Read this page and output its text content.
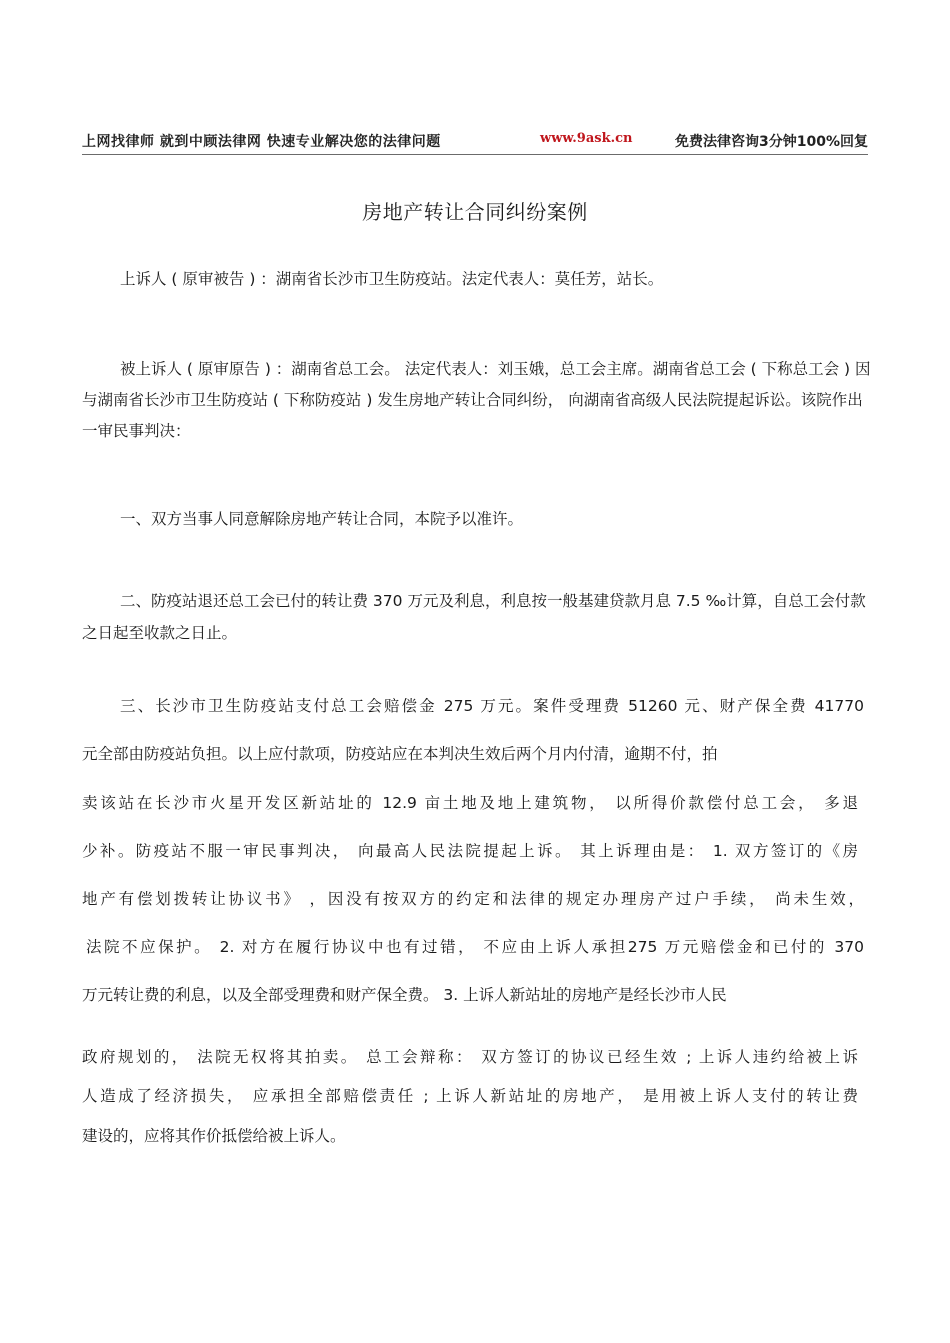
上网找律师 就到中顾法律网 快速专业解决您的法律问题	www.9ask.cn	免费法律咨询3分钟100%回复
房地产转让合同纠纷案例
上诉人 ( 原审被告 ) ：湖南省长沙市卫生防疫站。法定代表人：莫任芳，站长。
被上诉人 ( 原审原告 ) ：湖南省总工会。 法定代表人：刘玉娥，总工会主席。湖南省总工会 ( 下称总工会 ) 因与湖南省长沙市卫生防疫站 ( 下称防疫站 ) 发生房地产转让合同纠纷， 向湖南省高级人民法院提起诉讼。该院作出一审民事判决：
一、双方当事人同意解除房地产转让合同，本院予以准许。
二、防疫站退还总工会已付的转让费 370 万元及利息，利息按一般基建贷款月息 7.5 ‰计算，自总工会付款之日起至收款之日止。
三、长沙市卫生防疫站支付总工会赔偿金 275 万元。案件受理费 51260 元、财产保全费 41770
元全部由防疫站负担。以上应付款项，防疫站应在本判决生效后两个月内付清，逾期不付，拍
卖该站在长沙市火星开发区新站址的 12.9 亩土地及地上建筑物， 以所得价款偿付总工会， 多退
少补。防疫站不服一审民事判决， 向最高人民法院提起上诉。 其上诉理由是： 1. 双方签订的《房
地产有偿划拨转让协议书》 ，因没有按双方的约定和法律的规定办理房产过户手续， 尚未生效，
法院不应保护。 2. 对方在履行协议中也有过错， 不应由上诉人承担275 万元赔偿金和已付的 370
万元转让费的利息，以及全部受理费和财产保全费。 3. 上诉人新站址的房地产是经长沙市人民
政府规划的， 法院无权将其拍卖。 总工会辩称： 双方签订的协议已经生效 ; 上诉人违约给被上诉
人造成了经济损失， 应承担全部赔偿责任 ; 上诉人新站址的房地产， 是用被上诉人支付的转让费
建设的，应将其作价抵偿给被上诉人。
